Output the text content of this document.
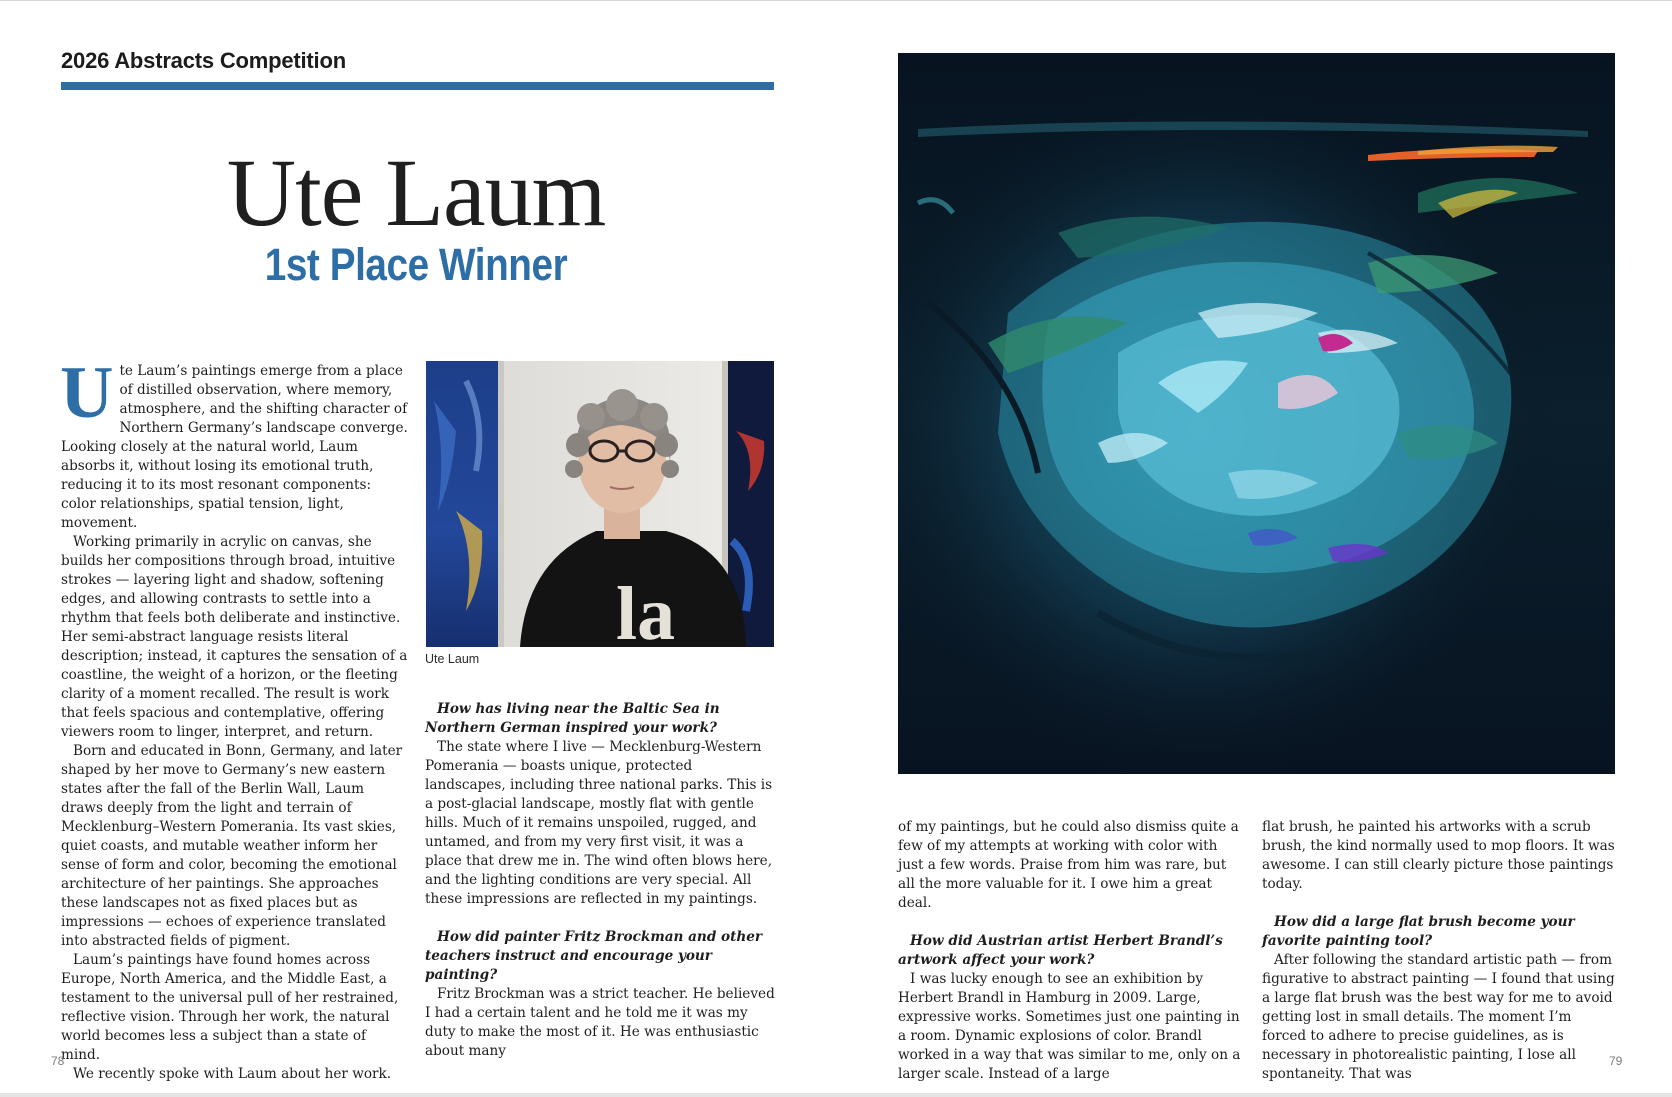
2026 Abstracts Competition
Ute Laum
1st Place Winner

Ute Laum’s paintings emerge from a place of distilled observation, where memory, atmosphere, and the shifting character of Northern Germany’s landscape converge. Looking closely at the natural world, Laum absorbs it, without losing its emotional truth, reducing it to its most resonant components: color relationships, spatial tension, light, movement.

Working primarily in acrylic on canvas, she builds her compositions through broad, intuitive strokes — layering light and shadow, softening edges, and allowing contrasts to settle into a rhythm that feels both deliberate and instinctive. Her semi-abstract language resists literal description; instead, it captures the sensation of a coastline, the weight of a horizon, or the fleeting clarity of a moment recalled. The result is work that feels spacious and contemplative, offering viewers room to linger, interpret, and return.

Born and educated in Bonn, Germany, and later shaped by her move to Germany’s new eastern states after the fall of the Berlin Wall, Laum draws deeply from the light and terrain of Mecklenburg–Western Pomerania. Its vast skies, quiet coasts, and mutable weather inform her sense of form and color, becoming the emotional architecture of her paintings. She approaches these landscapes not as fixed places but as impressions — echoes of experience translated into abstracted fields of pigment.

Laum’s paintings have found homes across Europe, North America, and the Middle East, a testament to the universal pull of her restrained, reflective vision. Through her work, the natural world becomes less a subject than a state of mind.

We recently spoke with Laum about her work.

la
Ute Laum

How has living near the Baltic Sea in Northern German inspired your work?

The state where I live — Mecklenburg-Western Pomerania — boasts unique, protected landscapes, including three national parks. This is a post-glacial landscape, mostly flat with gentle hills. Much of it remains unspoiled, rugged, and untamed, and from my very first visit, it was a place that drew me in. The wind often blows here, and the lighting conditions are very special. All these impressions are reflected in my paintings.

How did painter Fritz Brockman and other teachers instruct and encourage your painting?

Fritz Brockman was a strict teacher. He believed I had a certain talent and he told me it was my duty to make the most of it. He was enthusiastic about many

of my paintings, but he could also dismiss quite a few of my attempts at working with color with just a few words. Praise from him was rare, but all the more valuable for it. I owe him a great deal.

How did Austrian artist Herbert Brandl’s artwork affect your work?

I was lucky enough to see an exhibition by Herbert Brandl in Hamburg in 2009. Large, expressive works. Sometimes just one painting in a room. Dynamic explosions of color. Brandl worked in a way that was similar to me, only on a larger scale. Instead of a large

flat brush, he painted his artworks with a scrub brush, the kind normally used to mop floors. It was awesome. I can still clearly picture those paintings today.

How did a large flat brush become your favorite painting tool?

After following the standard artistic path — from figurative to abstract painting — I found that using a large flat brush was the best way for me to avoid getting lost in small details. The moment I’m forced to adhere to precise guidelines, as is necessary in photorealistic painting, I lose all spontaneity. That was

78	79
